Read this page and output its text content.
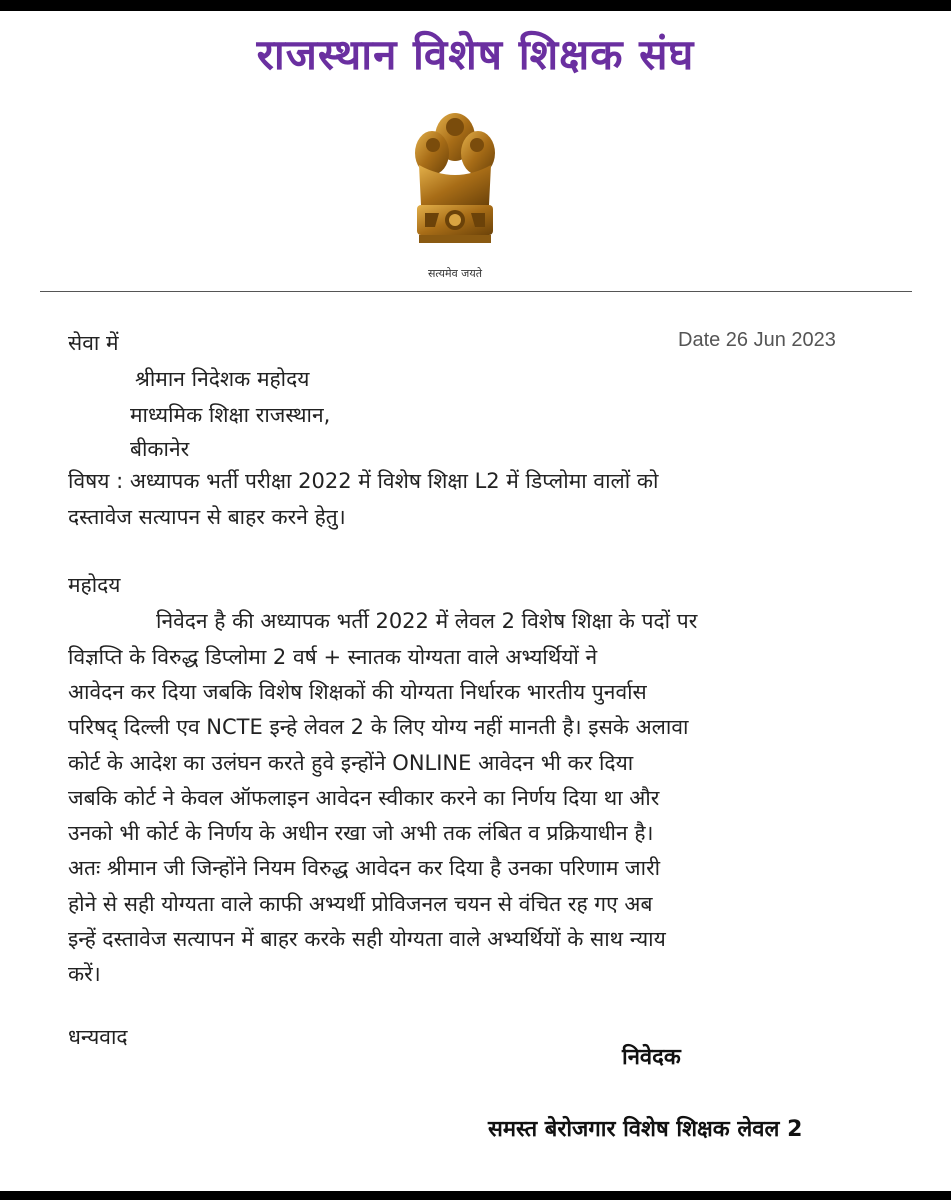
राजस्थान विशेष शिक्षक संघ
सत्यमेव जयते
सेवा में	Date 26 Jun 2023
श्रीमान निदेशक महोदय
माध्यमिक शिक्षा राजस्थान,
बीकानेर
विषय : अध्यापक भर्ती परीक्षा 2022 में विशेष शिक्षा L2 में डिप्लोमा वालों को
दस्तावेज सत्यापन से बाहर करने हेतु।
महोदय
निवेदन है की अध्यापक भर्ती 2022 में लेवल 2 विशेष शिक्षा के पदों पर
विज्ञप्ति के विरुद्ध डिप्लोमा 2 वर्ष + स्नातक योग्यता वाले अभ्यर्थियों ने
आवेदन कर दिया जबकि विशेष शिक्षकों की योग्यता निर्धारक भारतीय पुनर्वास
परिषद् दिल्ली एव NCTE इन्हे लेवल 2 के लिए योग्य नहीं मानती है। इसके अलावा
कोर्ट के आदेश का उलंघन करते हुवे इन्होंने ONLINE आवेदन भी कर दिया
जबकि कोर्ट ने केवल ऑफलाइन आवेदन स्वीकार करने का निर्णय दिया था और
उनको भी कोर्ट के निर्णय के अधीन रखा जो अभी तक लंबित व प्रक्रियाधीन है।
अतः श्रीमान जी जिन्होंने नियम विरुद्ध आवेदन कर दिया है उनका परिणाम जारी
होने से सही योग्यता वाले काफी अभ्यर्थी प्रोविजनल चयन से वंचित रह गए अब
इन्हें दस्तावेज सत्यापन में बाहर करके सही योग्यता वाले अभ्यर्थियों के साथ न्याय
करें।
धन्यवाद
निवेदक
समस्त बेरोजगार विशेष शिक्षक लेवल 2
